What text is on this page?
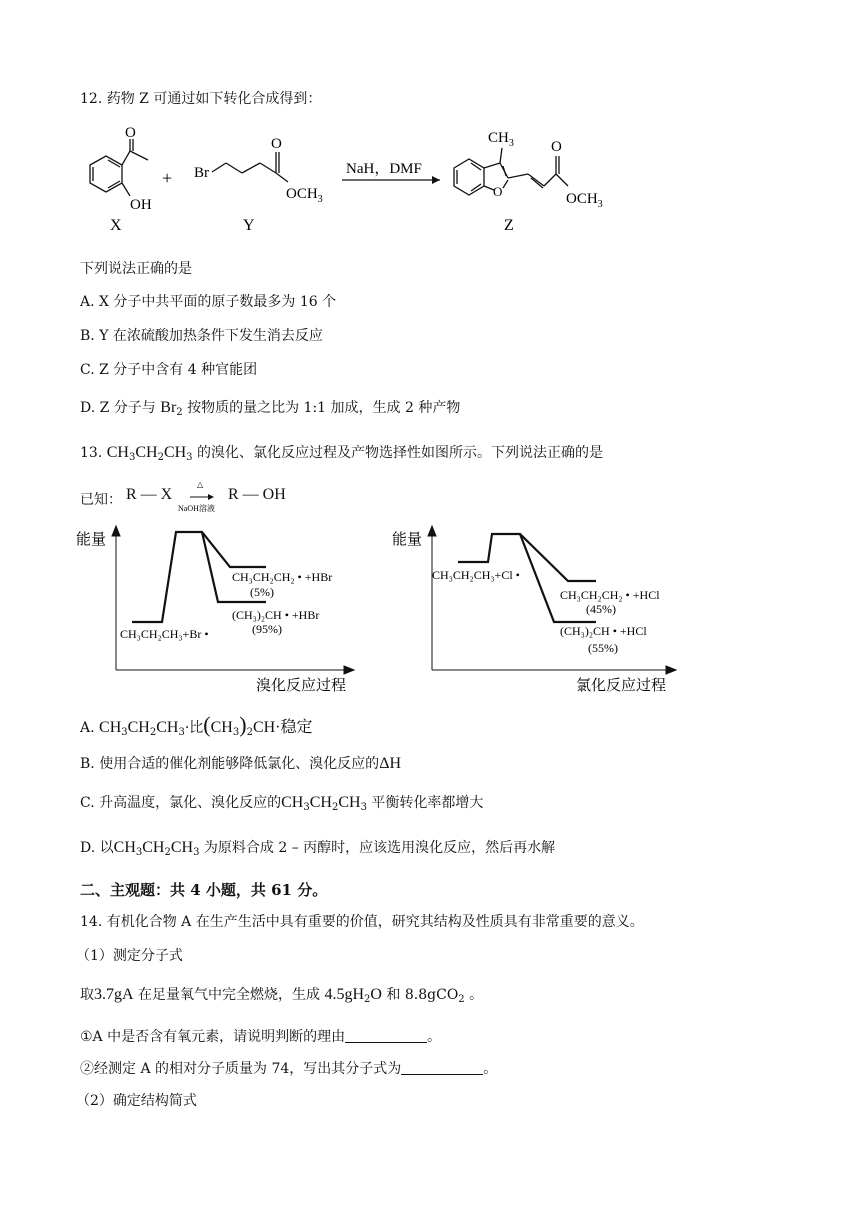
12. 药物 Z 可通过如下转化合成得到：
O
OH
X
+ Br
O
$OCH_3$
Y
NaH，DMF
O
$CH_3$ O
$OCH_3$
Z
下列说法正确的是
A. X 分子中共平面的原子数最多为 16 个
B. Y 在浓硫酸加热条件下发生消去反应
C. Z 分子中含有 4 种官能团
D. Z 分子与 $Br_2$ 按物质的量之比为 1:1 加成，生成 2 种产物
13. $CH_3CH_2CH_3$ 的溴化、氯化反应过程及产物选择性如图所示。下列说法正确的是
已知： R — X
△
NaOH溶液
R — OH
能量
溴化反应过程
CH₃CH₂CH₂ • +HBr
(5%)
(CH₃)₂CH • +HBr
(95%)
CH₃CH₂CH₃+Br •
能量
氯化反应过程
CH₃CH₂CH₃+Cl •
CH₃CH₂CH₂ • +HCl
(45%)
(CH₃)₂CH • +HCl
(55%)
A. $CH_3CH_2CH_3\cdot$比$(CH_3)_2CH\cdot$稳定
B. 使用合适的催化剂能够降低氯化、溴化反应的ΔH
C. 升高温度，氯化、溴化反应的$CH_3CH_2CH_3$ 平衡转化率都增大
D. 以$CH_3CH_2CH_3$ 为原料合成 2 – 丙醇时，应该选用溴化反应，然后再水解
二、主观题：共 4 小题，共 61 分。
14. 有机化合物 A 在生产生活中具有重要的价值，研究其结构及性质具有非常重要的意义。
（1）测定分子式
取3.7gA 在足量氧气中完全燃烧，生成 $4.5gH_2O$ 和 8.8gCO$_2$ 。
①A 中是否含有氧元素，请说明判断的理由	。
②经测定 A 的相对分子质量为 74，写出其分子式为	。
（2）确定结构简式
